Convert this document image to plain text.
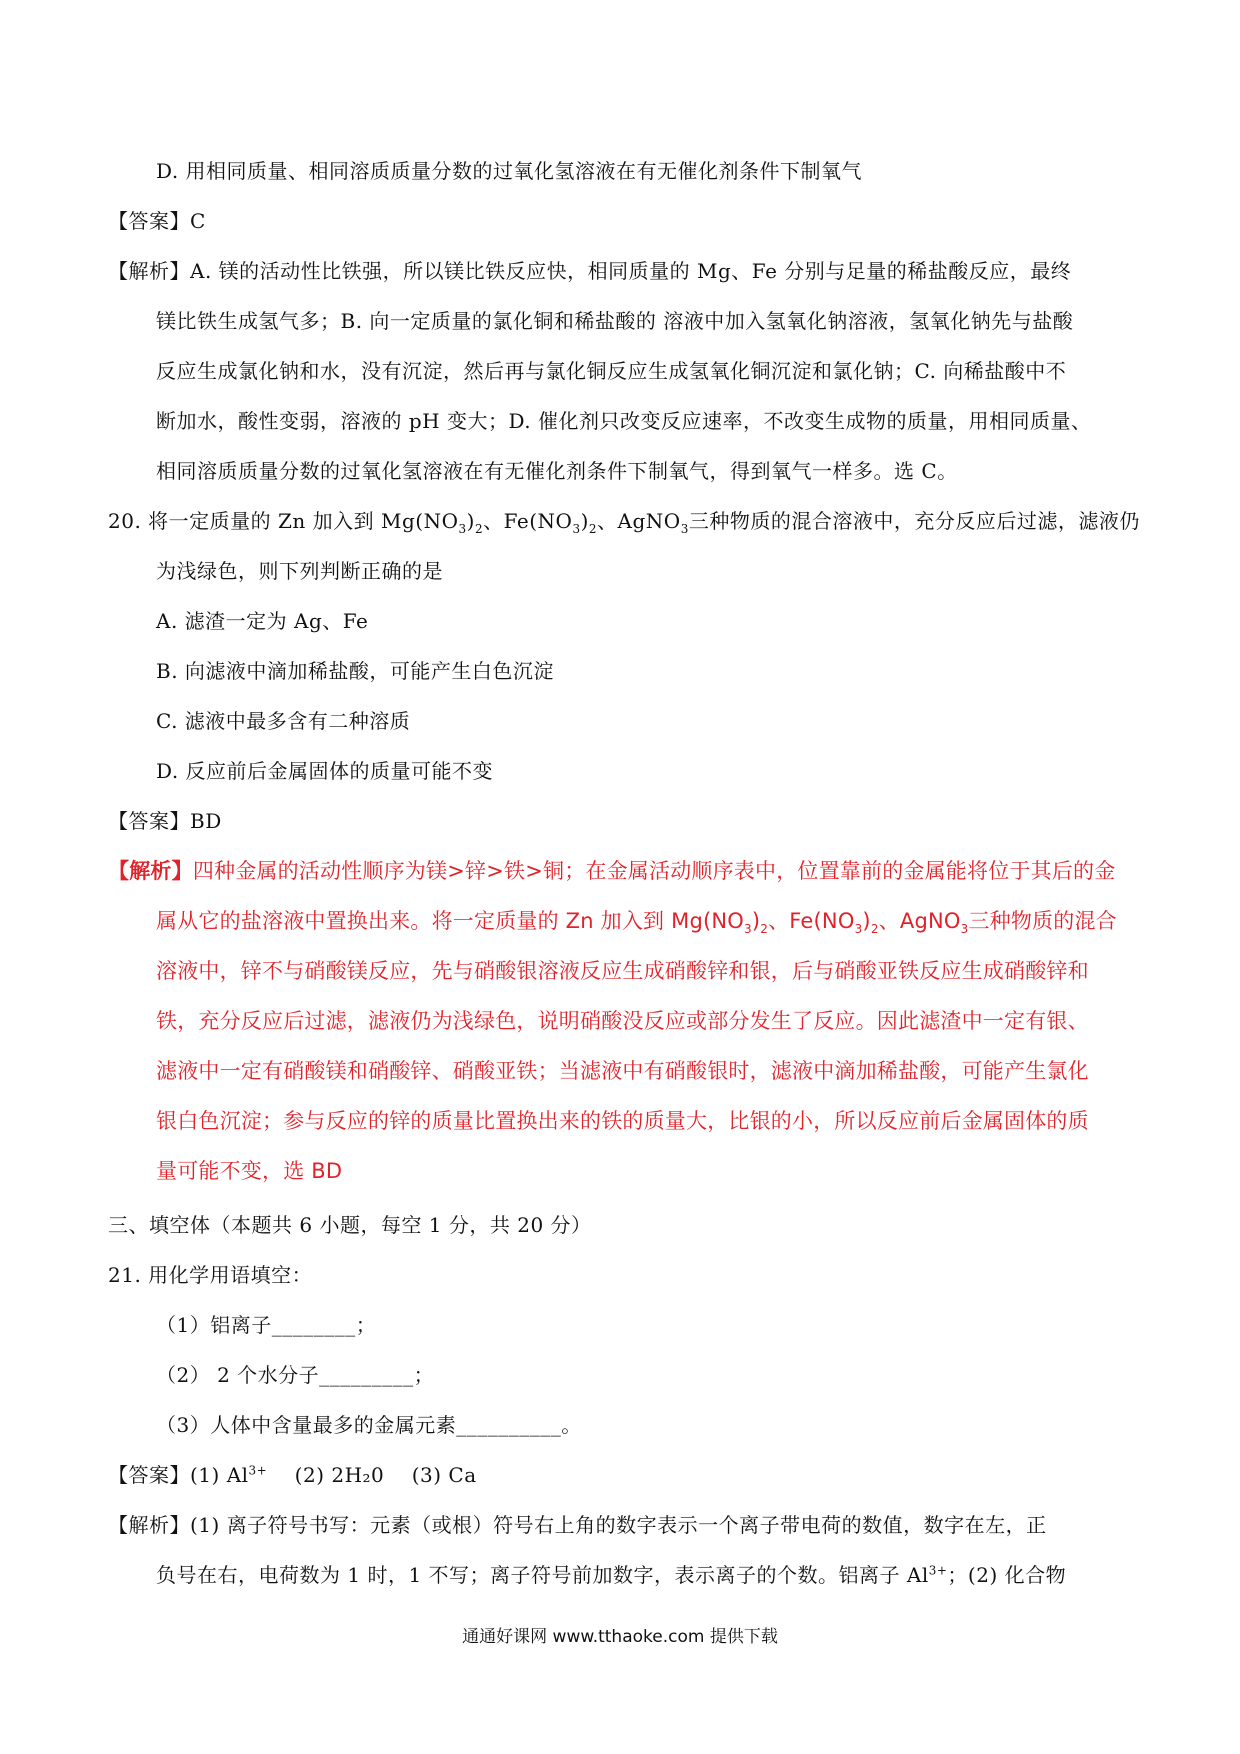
D. 用相同质量、相同溶质质量分数的过氧化氢溶液在有无催化剂条件下制氧气
【答案】C
【解析】A. 镁的活动性比铁强，所以镁比铁反应快，相同质量的 Mg、Fe 分别与足量的稀盐酸反应，最终
镁比铁生成氢气多；B. 向一定质量的氯化铜和稀盐酸的 溶液中加入氢氧化钠溶液，氢氧化钠先与盐酸
反应生成氯化钠和水，没有沉淀，然后再与氯化铜反应生成氢氧化铜沉淀和氯化钠；C. 向稀盐酸中不
断加水，酸性变弱，溶液的 pH 变大；D. 催化剂只改变反应速率，不改变生成物的质量，用相同质量、
相同溶质质量分数的过氧化氢溶液在有无催化剂条件下制氧气，得到氧气一样多。选 C。
20. 将一定质量的 Zn 加入到 $Mg(NO_3)_2$、$Fe(NO_3)_2$、AgNO$_3$三种物质的混合溶液中，充分反应后过滤，滤液仍
为浅绿色，则下列判断正确的是
A. 滤渣一定为 Ag、Fe
B. 向滤液中滴加稀盐酸，可能产生白色沉淀
C. 滤液中最多含有二种溶质
D. 反应前后金属固体的质量可能不变
【答案】BD
【解析】四种金属的活动性顺序为镁>锌>铁>铜；在金属活动顺序表中，位置靠前的金属能将位于其后的金
属从它的盐溶液中置换出来。将一定质量的 Zn 加入到 $Mg(NO_3)_2$、$Fe(NO_3)_2$、AgNO$_3$三种物质的混合
溶液中，锌不与硝酸镁反应，先与硝酸银溶液反应生成硝酸锌和银，后与硝酸亚铁反应生成硝酸锌和
铁，充分反应后过滤，滤液仍为浅绿色，说明硝酸没反应或部分发生了反应。因此滤渣中一定有银、
滤液中一定有硝酸镁和硝酸锌、硝酸亚铁；当滤液中有硝酸银时，滤液中滴加稀盐酸，可能产生氯化
银白色沉淀；参与反应的锌的质量比置换出来的铁的质量大，比银的小，所以反应前后金属固体的质
量可能不变，选 BD
三、填空体（本题共 6 小题，每空 1 分，共 20 分）
21. 用化学用语填空：
（1）铝离子________；
（2） 2 个水分子_________；
（3）人体中含量最多的金属元素__________。
【答案】(1) $Al^{3+}$ (2) 2H₂0 (3) Ca
【解析】(1) 离子符号书写：元素（或根）符号右上角的数字表示一个离子带电荷的数值，数字在左，正
负号在右，电荷数为 1 时，1 不写；离子符号前加数字，表示离子的个数。铝离子 $Al^{3+}$；(2) 化合物
通通好课网 www.tthaoke.com 提供下载
